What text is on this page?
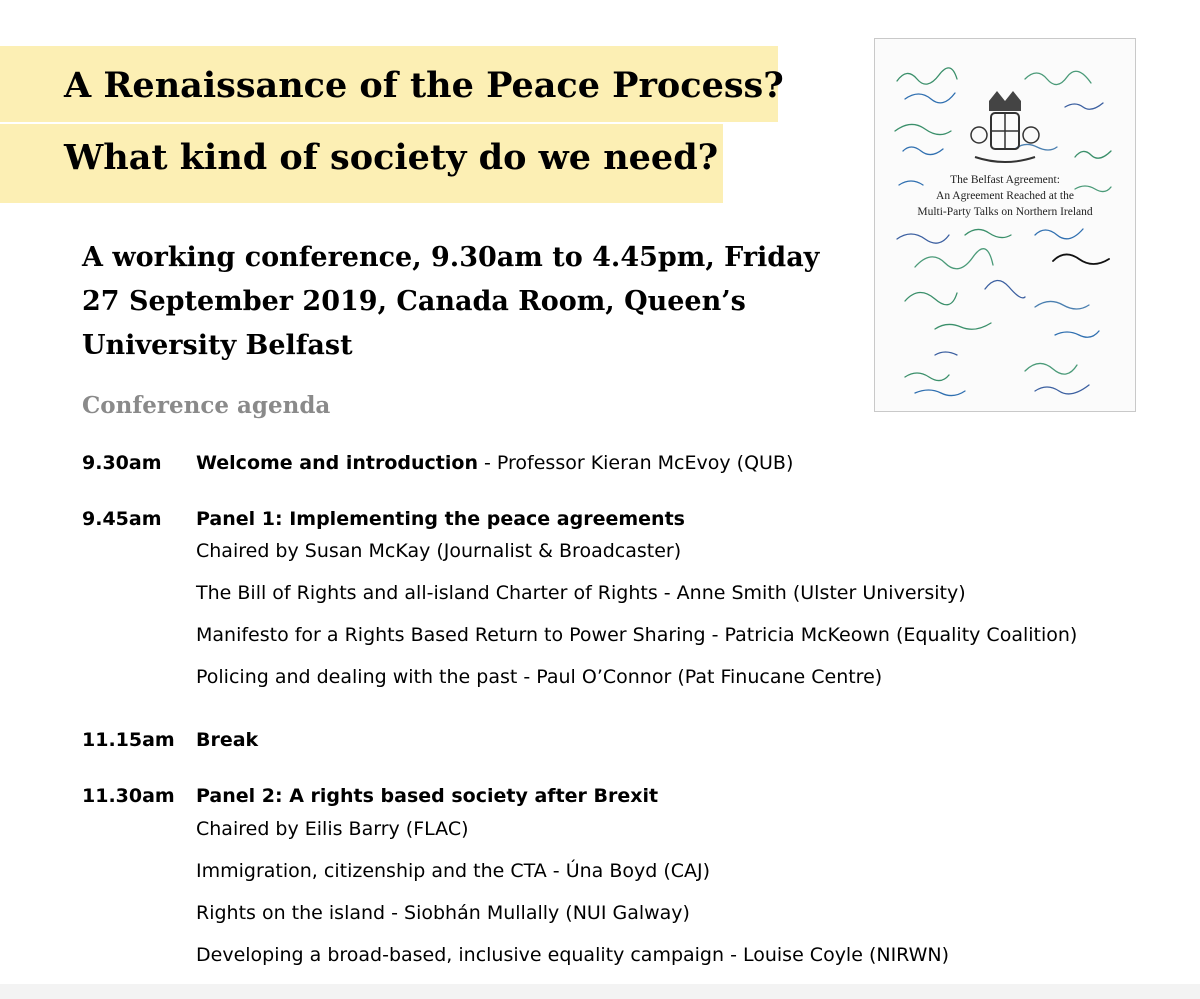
A Renaissance of the Peace Process?
What kind of society do we need?
The Belfast Agreement:
An Agreement Reached at the
Multi-Party Talks on Northern Ireland
A working conference, 9.30am to 4.45pm, Friday 27 September 2019, Canada Room, Queen’s University Belfast
Conference agenda
9.30am Welcome and introduction - Professor Kieran McEvoy (QUB)
9.45am Panel 1: Implementing the peace agreements
Chaired by Susan McKay (Journalist & Broadcaster)
The Bill of Rights and all-island Charter of Rights - Anne Smith (Ulster University)
Manifesto for a Rights Based Return to Power Sharing - Patricia McKeown (Equality Coalition)
Policing and dealing with the past - Paul O’Connor (Pat Finucane Centre)
11.15am Break
11.30am Panel 2: A rights based society after Brexit
Chaired by Eilis Barry (FLAC)
Immigration, citizenship and the CTA - Úna Boyd (CAJ)
Rights on the island - Siobhán Mullally (NUI Galway)
Developing a broad-based, inclusive equality campaign - Louise Coyle (NIRWN)
